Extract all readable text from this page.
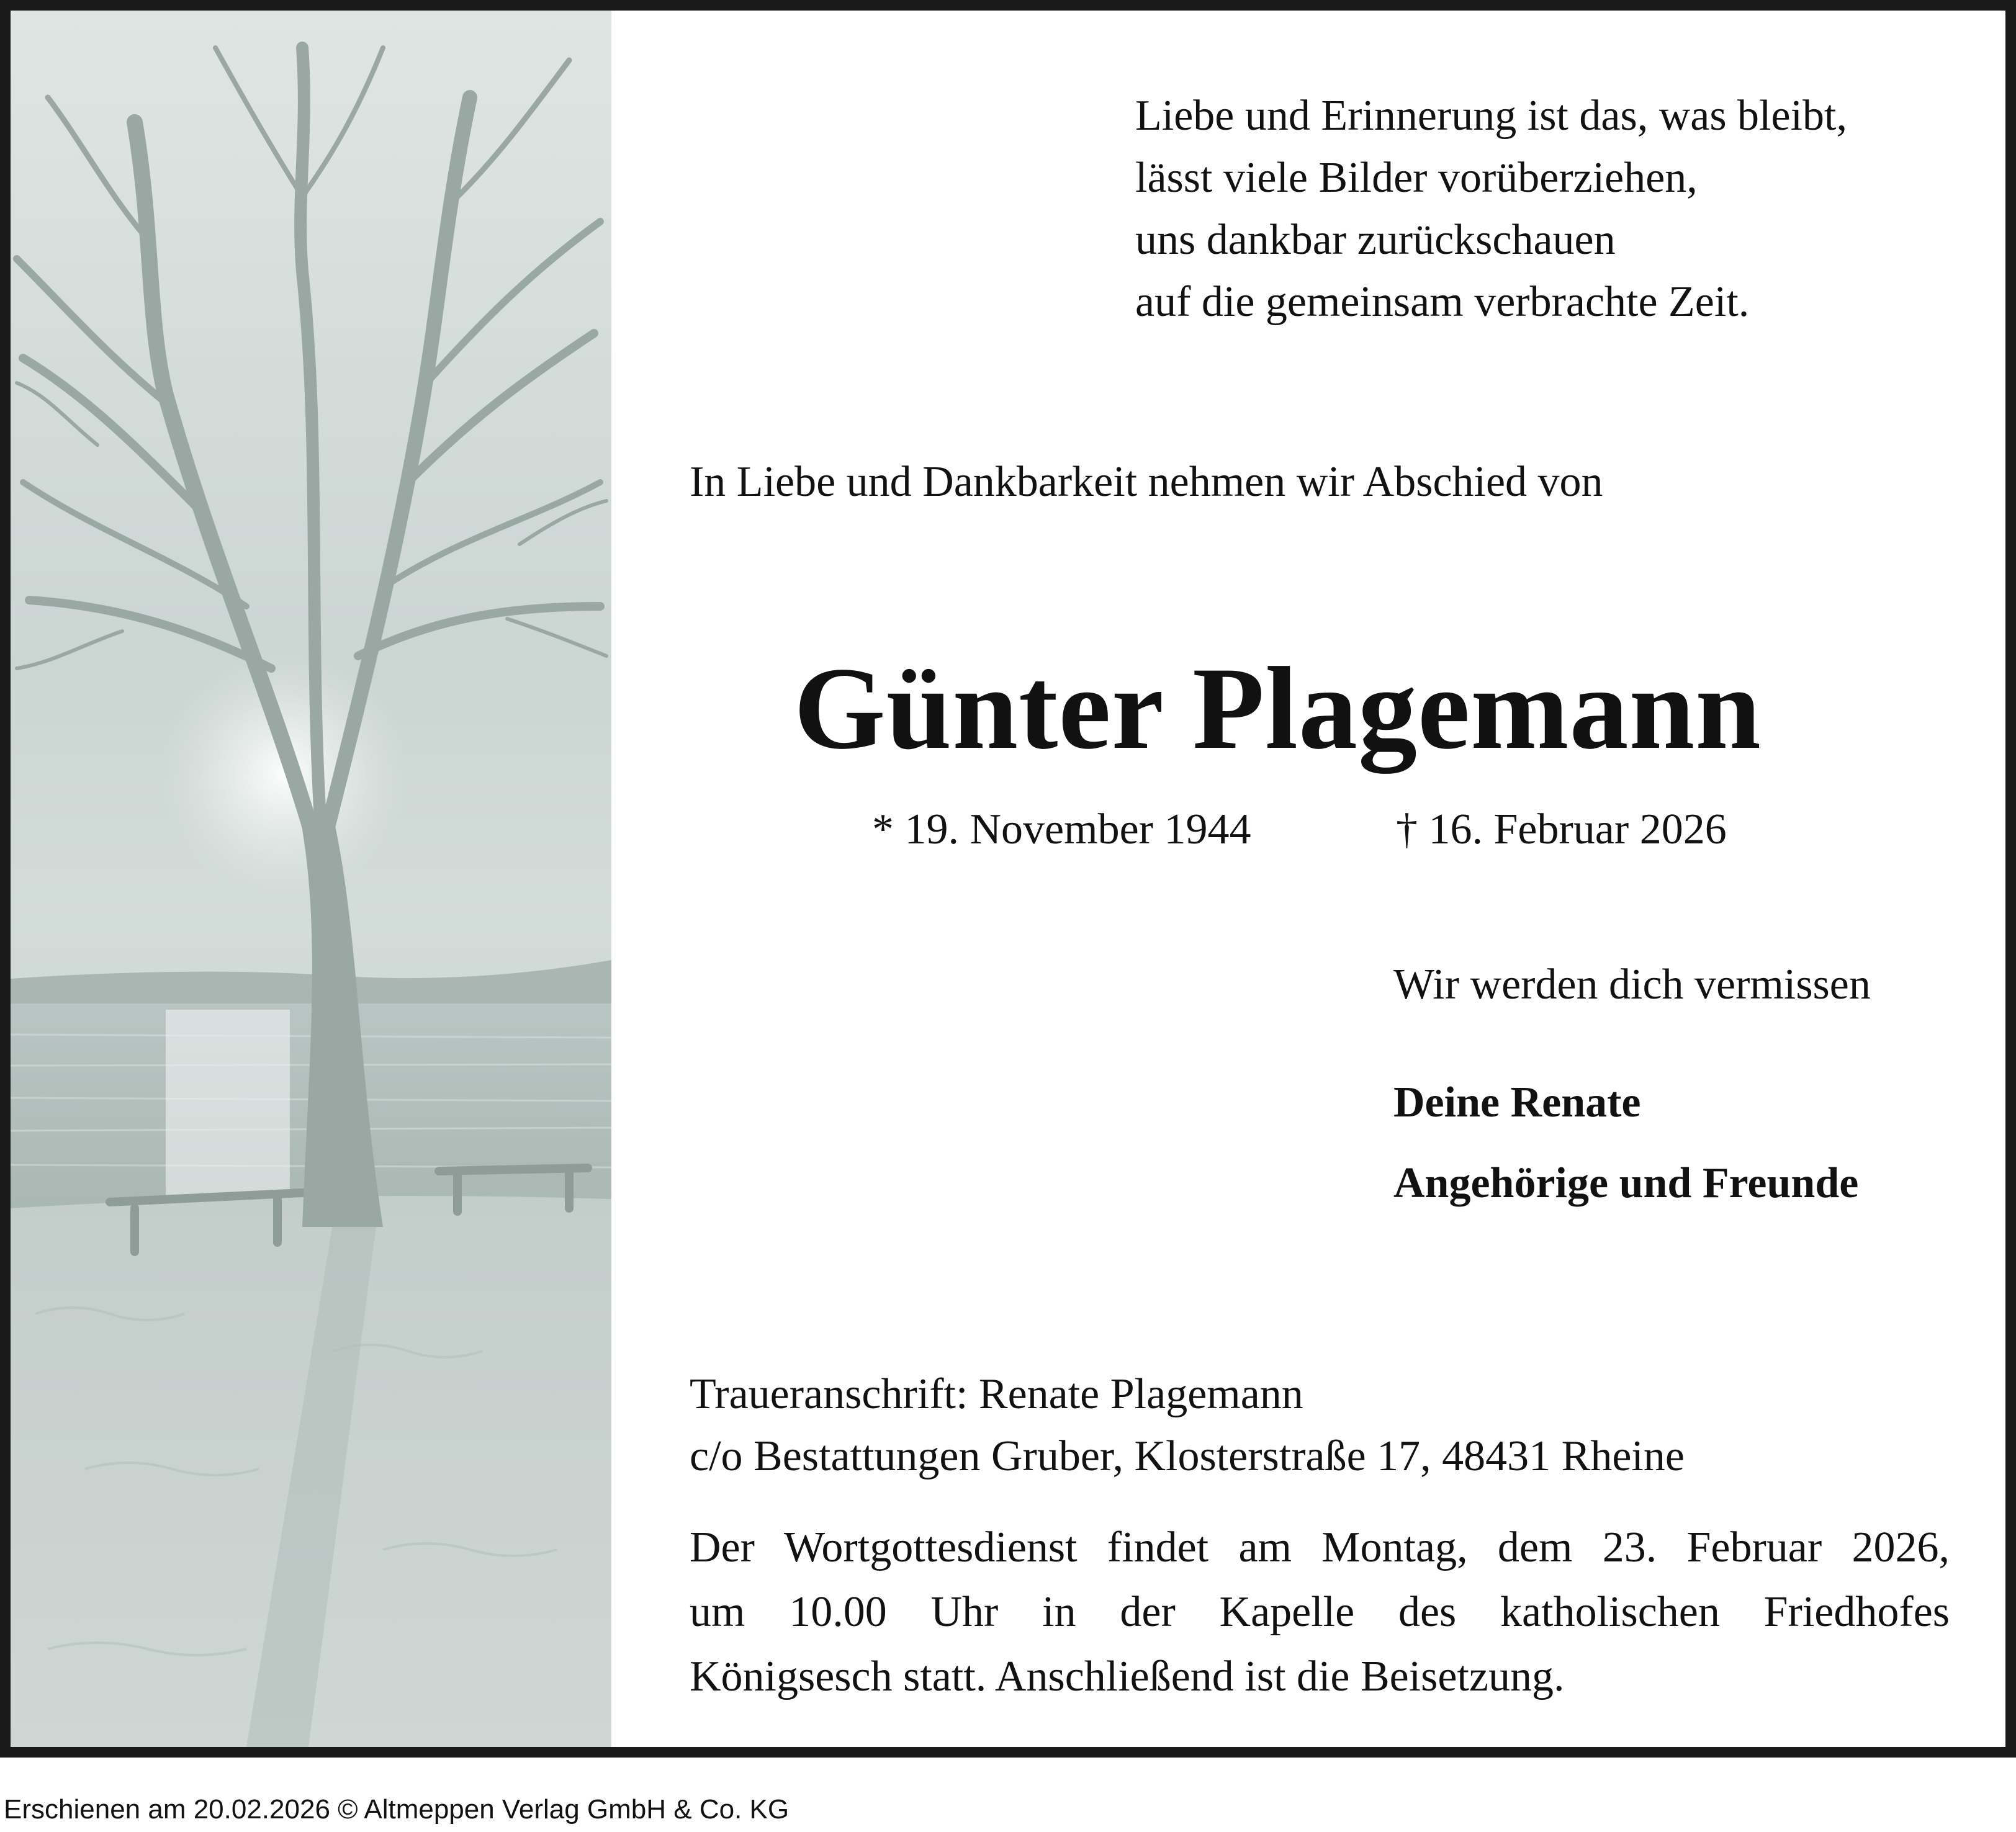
Liebe und Erinnerung ist das, was bleibt,
lässt viele Bilder vorüberziehen,
uns dankbar zurückschauen
auf die gemeinsam verbrachte Zeit.

In Liebe und Dankbarkeit nehmen wir Abschied von

Günter Plagemann

* 19. November 1944	† 16. Februar 2026

Wir werden dich vermissen

Deine Renate

Angehörige und Freunde

Traueranschrift: Renate Plagemann
c/o Bestattungen Gruber, Klosterstraße 17, 48431 Rheine
Der Wortgottesdienst findet am Montag, dem 23. Februar 2026,
um 10.00 Uhr in der Kapelle des katholischen Friedhofes
Königsesch statt. Anschließend ist die Beisetzung.
Erschienen am 20.02.2026 © Altmeppen Verlag GmbH & Co. KG
